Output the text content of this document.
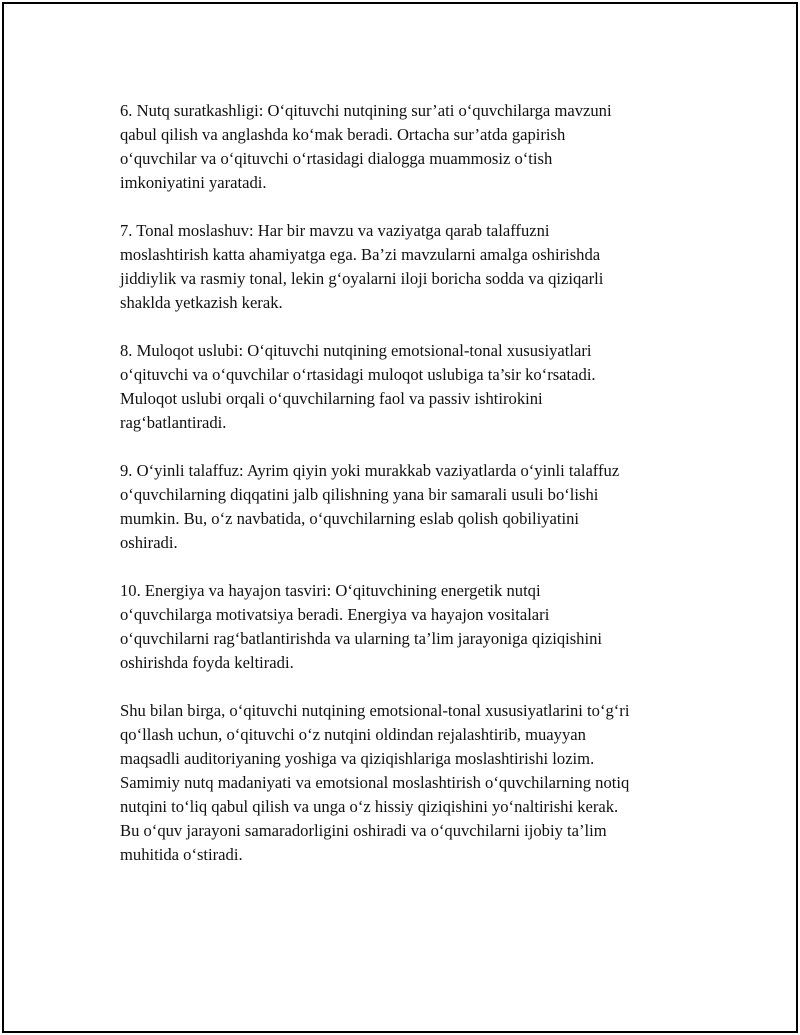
6. Nutq suratkashligi: O‘qituvchi nutqining sur’ati o‘quvchilarga mavzuni
qabul qilish va anglashda ko‘mak beradi. Ortacha sur’atda gapirish
o‘quvchilar va o‘qituvchi o‘rtasidagi dialogga muammosiz o‘tish
imkoniyatini yaratadi.

7. Tonal moslashuv: Har bir mavzu va vaziyatga qarab talaffuzni
moslashtirish katta ahamiyatga ega. Ba’zi mavzularni amalga oshirishda
jiddiylik va rasmiy tonal, lekin g‘oyalarni iloji boricha sodda va qiziqarli
shaklda yetkazish kerak.

8. Muloqot uslubi: O‘qituvchi nutqining emotsional-tonal xususiyatlari
o‘qituvchi va o‘quvchilar o‘rtasidagi muloqot uslubiga ta’sir ko‘rsatadi.
Muloqot uslubi orqali o‘quvchilarning faol va passiv ishtirokini
rag‘batlantiradi.

9. O‘yinli talaffuz: Ayrim qiyin yoki murakkab vaziyatlarda o‘yinli talaffuz
o‘quvchilarning diqqatini jalb qilishning yana bir samarali usuli bo‘lishi
mumkin. Bu, o‘z navbatida, o‘quvchilarning eslab qolish qobiliyatini
oshiradi.

10. Energiya va hayajon tasviri: O‘qituvchining energetik nutqi
o‘quvchilarga motivatsiya beradi. Energiya va hayajon vositalari
o‘quvchilarni rag‘batlantirishda va ularning ta’lim jarayoniga qiziqishini
oshirishda foyda keltiradi.

Shu bilan birga, o‘qituvchi nutqining emotsional-tonal xususiyatlarini to‘g‘ri
qo‘llash uchun, o‘qituvchi o‘z nutqini oldindan rejalashtirib, muayyan
maqsadli auditoriyaning yoshiga va qiziqishlariga moslashtirishi lozim.
Samimiy nutq madaniyati va emotsional moslashtirish o‘quvchilarning notiq
nutqini to‘liq qabul qilish va unga o‘z hissiy qiziqishini yo‘naltirishi kerak.
Bu o‘quv jarayoni samaradorligini oshiradi va o‘quvchilarni ijobiy ta’lim
muhitida o‘stiradi.
